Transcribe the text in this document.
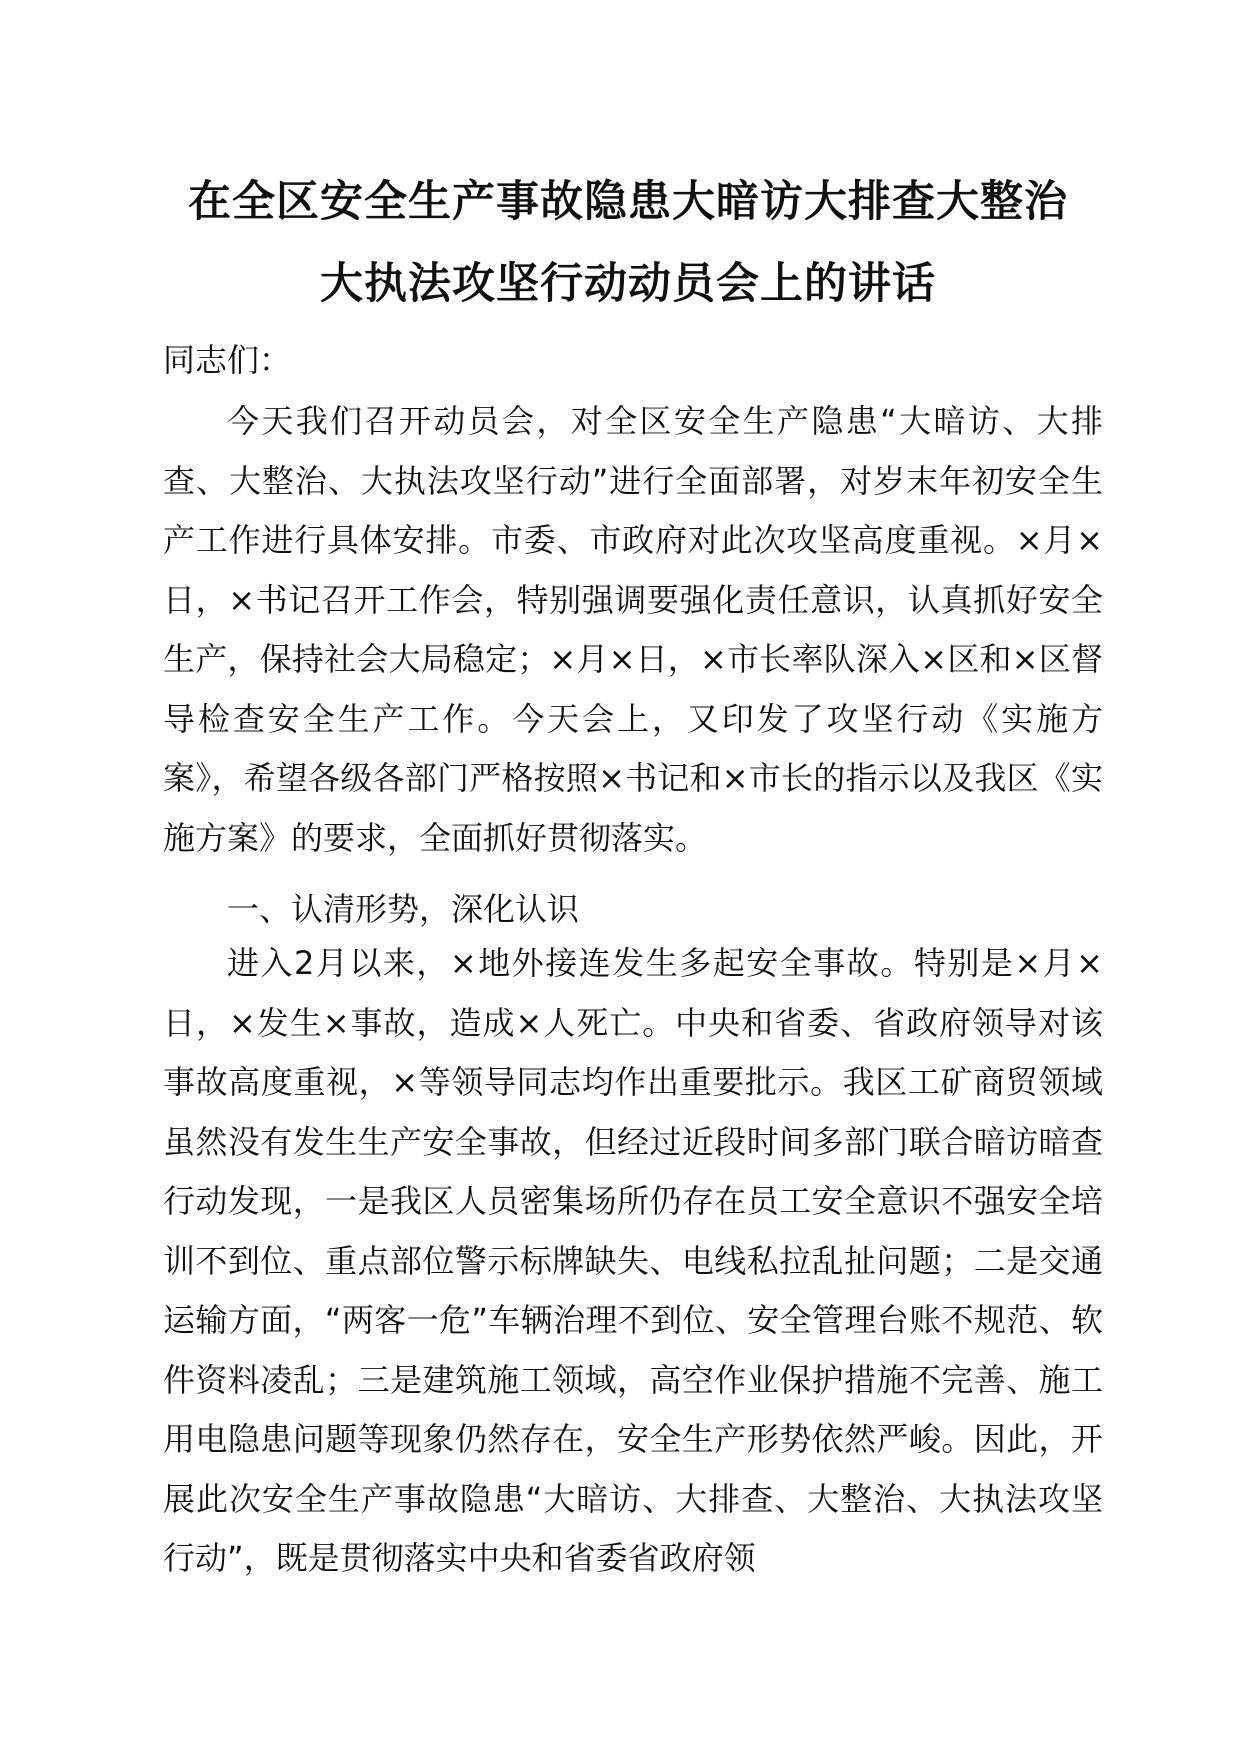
在全区安全生产事故隐患大暗访大排查大整治
大执法攻坚行动动员会上的讲话
同志们：

今天我们召开动员会，对全区安全生产隐患“大暗访、大排查、大整治、大执法攻坚行动”进行全面部署，对岁末年初安全生产工作进行具体安排。市委、市政府对此次攻坚高度重视。×月×日，×书记召开工作会，特别强调要强化责任意识，认真抓好安全生产，保持社会大局稳定；×月×日，×市长率队深入×区和×区督导检查安全生产工作。今天会上，又印发了攻坚行动《实施方案》，希望各级各部门严格按照×书记和×市长的指示以及我区《实施方案》的要求，全面抓好贯彻落实。

一、认清形势，深化认识

进入2月以来，×地外接连发生多起安全事故。特别是×月×日，×发生×事故，造成×人死亡。中央和省委、省政府领导对该事故高度重视，×等领导同志均作出重要批示。我区工矿商贸领域虽然没有发生生产安全事故，但经过近段时间多部门联合暗访暗查行动发现，一是我区人员密集场所仍存在员工安全意识不强安全培训不到位、重点部位警示标牌缺失、电线私拉乱扯问题；二是交通运输方面，“两客一危”车辆治理不到位、安全管理台账不规范、软件资料凌乱；三是建筑施工领域，高空作业保护措施不完善、施工用电隐患问题等现象仍然存在，安全生产形势依然严峻。因此，开展此次安全生产事故隐患“大暗访、大排查、大整治、大执法攻坚行动”，既是贯彻落实中央和省委省政府领
